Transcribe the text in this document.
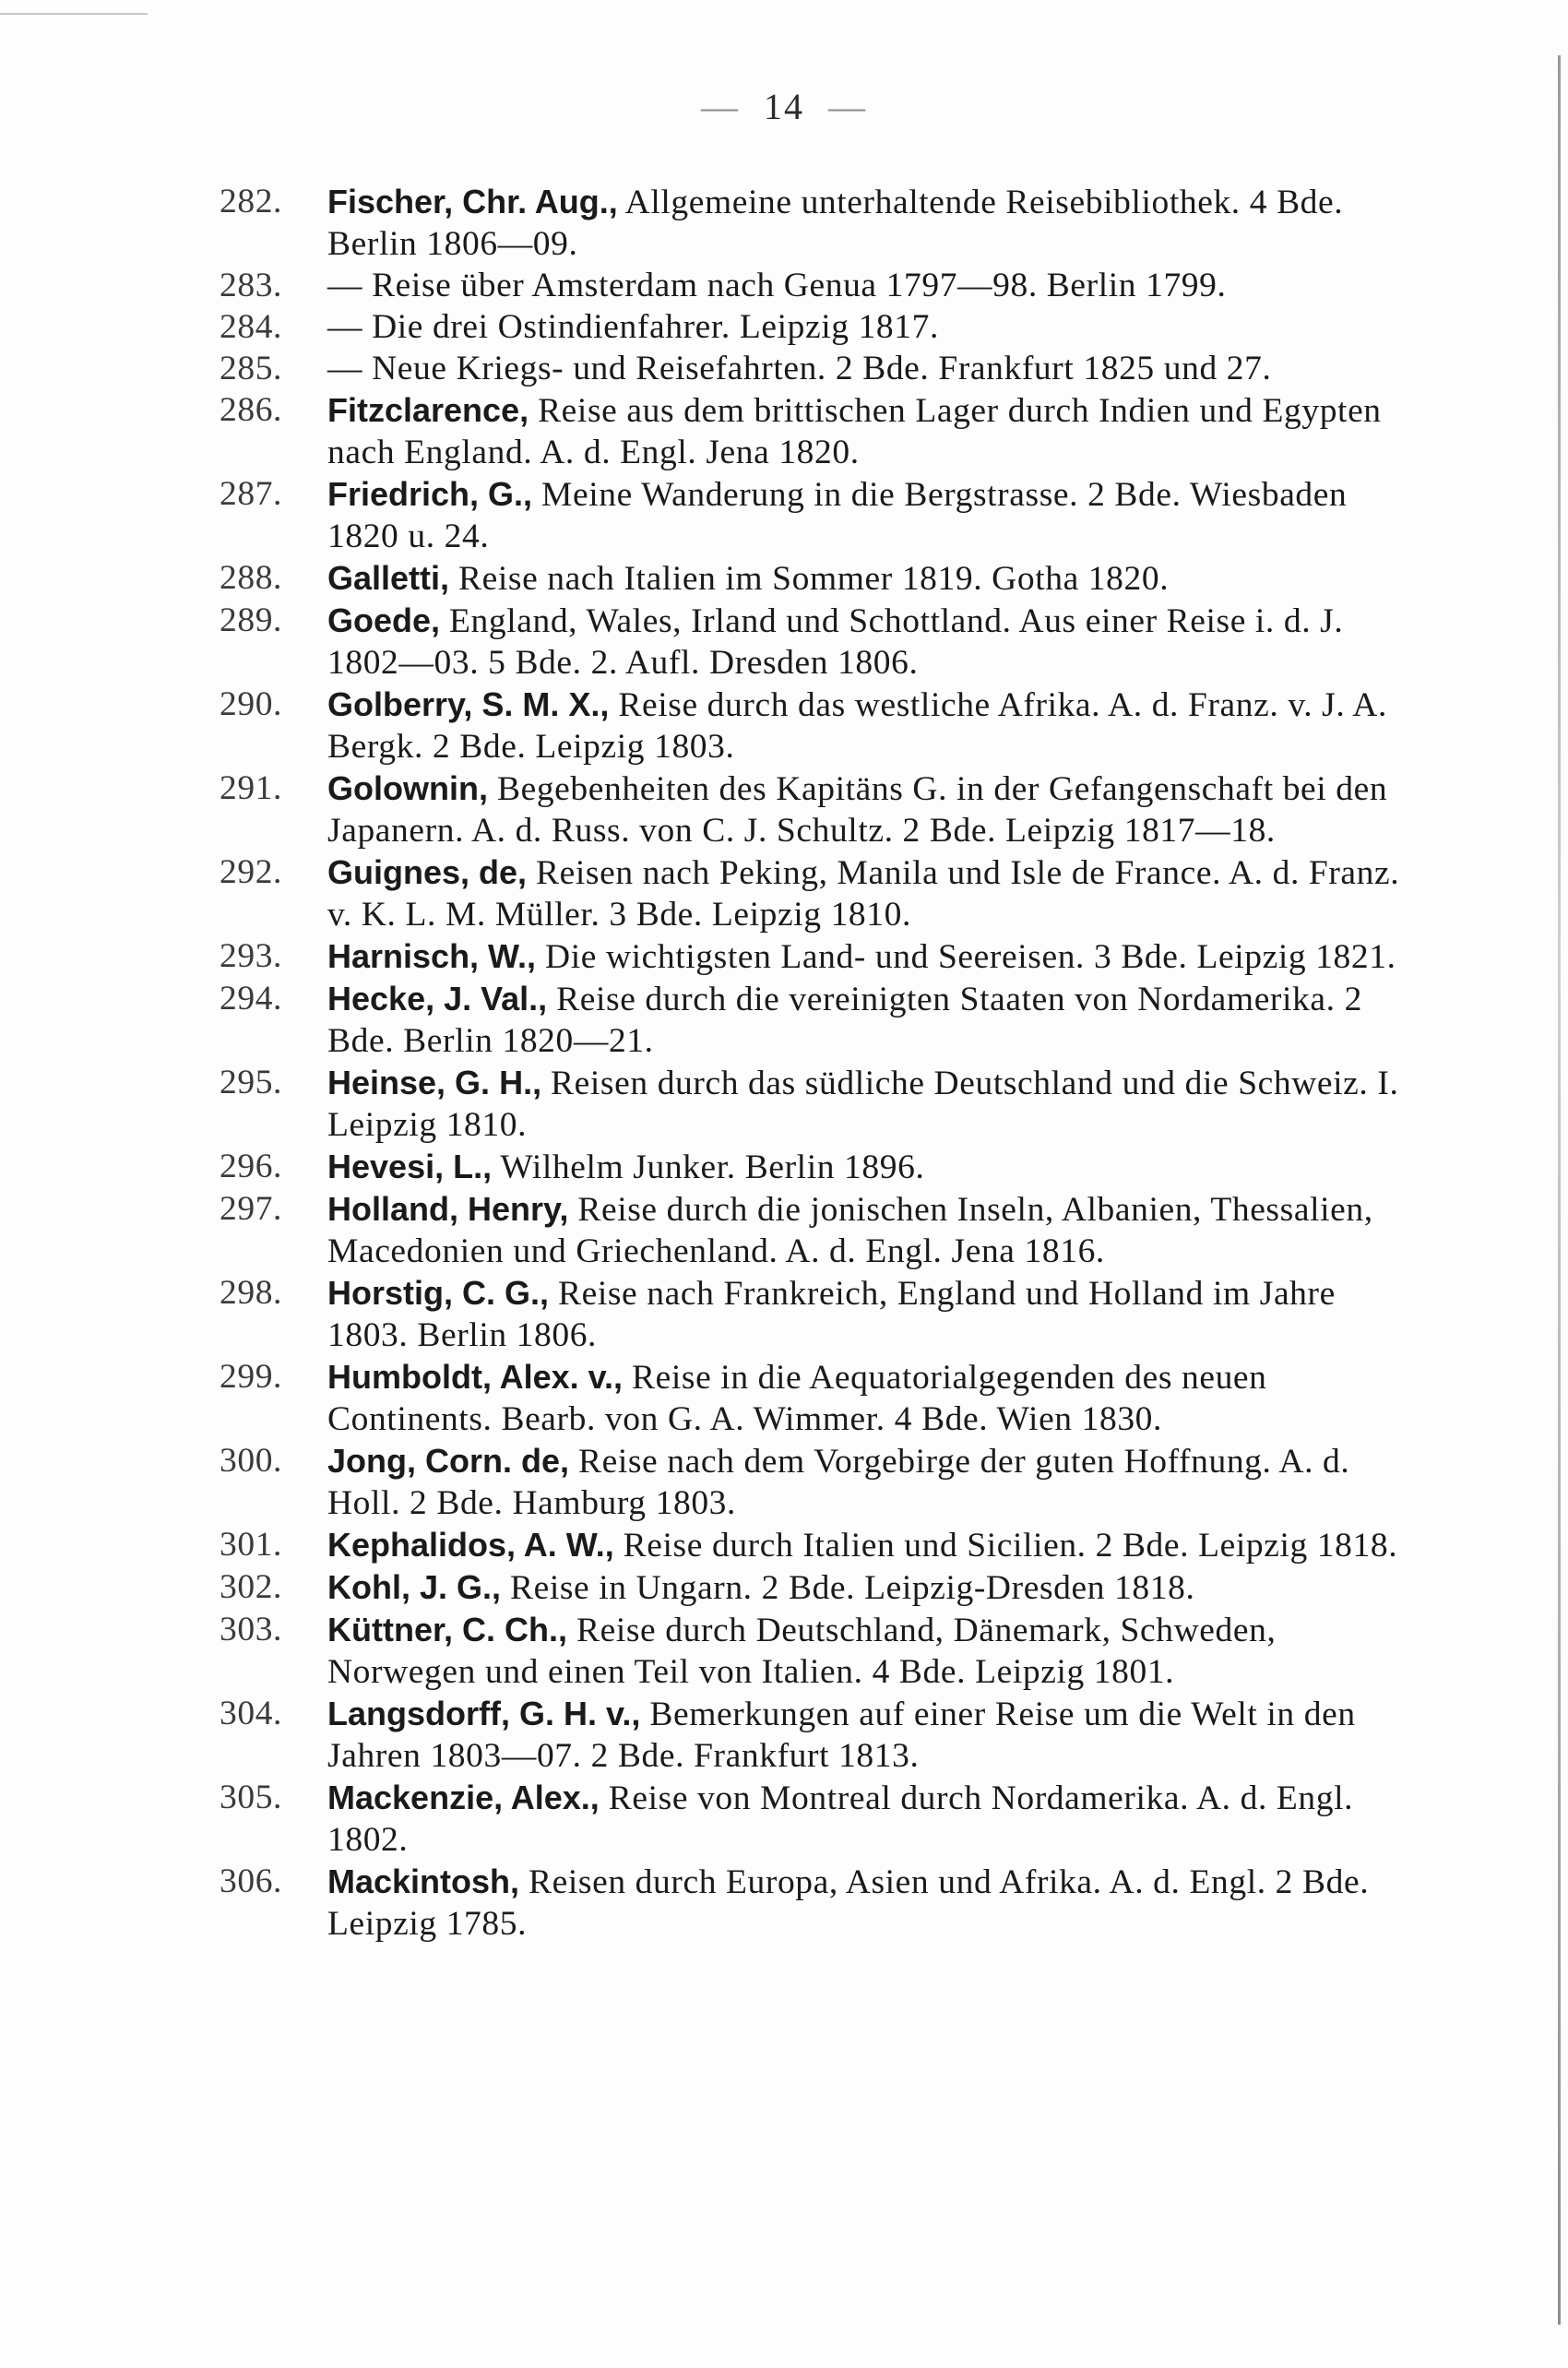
— 14 —
282.	Fischer, Chr. Aug., Allgemeine unterhaltende Reisebibliothek. 4 Bde. Berlin 1806—09.
283.	— Reise über Amsterdam nach Genua 1797—98. Berlin 1799.
284.	— Die drei Ostindienfahrer. Leipzig 1817.
285.	— Neue Kriegs- und Reisefahrten. 2 Bde. Frankfurt 1825 und 27.
286.	Fitzclarence, Reise aus dem brittischen Lager durch Indien und Egypten nach England. A. d. Engl. Jena 1820.
287.	Friedrich, G., Meine Wanderung in die Bergstrasse. 2 Bde. Wiesbaden 1820 u. 24.
288.	Galletti, Reise nach Italien im Sommer 1819. Gotha 1820.
289.	Goede, England, Wales, Irland und Schottland. Aus einer Reise i. d. J. 1802—03. 5 Bde. 2. Aufl. Dresden 1806.
290.	Golberry, S. M. X., Reise durch das westliche Afrika. A. d. Franz. v. J. A. Bergk. 2 Bde. Leipzig 1803.
291.	Golownin, Begebenheiten des Kapitäns G. in der Gefangenschaft bei den Japanern. A. d. Russ. von C. J. Schultz. 2 Bde. Leipzig 1817—18.
292.	Guignes, de, Reisen nach Peking, Manila und Isle de France. A. d. Franz. v. K. L. M. Müller. 3 Bde. Leipzig 1810.
293.	Harnisch, W., Die wichtigsten Land- und Seereisen. 3 Bde. Leipzig 1821.
294.	Hecke, J. Val., Reise durch die vereinigten Staaten von Nordamerika. 2 Bde. Berlin 1820—21.
295.	Heinse, G. H., Reisen durch das südliche Deutschland und die Schweiz. I. Leipzig 1810.
296.	Hevesi, L., Wilhelm Junker. Berlin 1896.
297.	Holland, Henry, Reise durch die jonischen Inseln, Albanien, Thessalien, Macedonien und Griechenland. A. d. Engl. Jena 1816.
298.	Horstig, C. G., Reise nach Frankreich, England und Holland im Jahre 1803. Berlin 1806.
299.	Humboldt, Alex. v., Reise in die Aequatorialgegenden des neuen Continents. Bearb. von G. A. Wimmer. 4 Bde. Wien 1830.
300.	Jong, Corn. de, Reise nach dem Vorgebirge der guten Hoffnung. A. d. Holl. 2 Bde. Hamburg 1803.
301.	Kephalidos, A. W., Reise durch Italien und Sicilien. 2 Bde. Leipzig 1818.
302.	Kohl, J. G., Reise in Ungarn. 2 Bde. Leipzig-Dresden 1818.
303.	Küttner, C. Ch., Reise durch Deutschland, Dänemark, Schweden, Norwegen und einen Teil von Italien. 4 Bde. Leipzig 1801.
304.	Langsdorff, G. H. v., Bemerkungen auf einer Reise um die Welt in den Jahren 1803—07. 2 Bde. Frankfurt 1813.
305.	Mackenzie, Alex., Reise von Montreal durch Nordamerika. A. d. Engl. 1802.
306.	Mackintosh, Reisen durch Europa, Asien und Afrika. A. d. Engl. 2 Bde. Leipzig 1785.
